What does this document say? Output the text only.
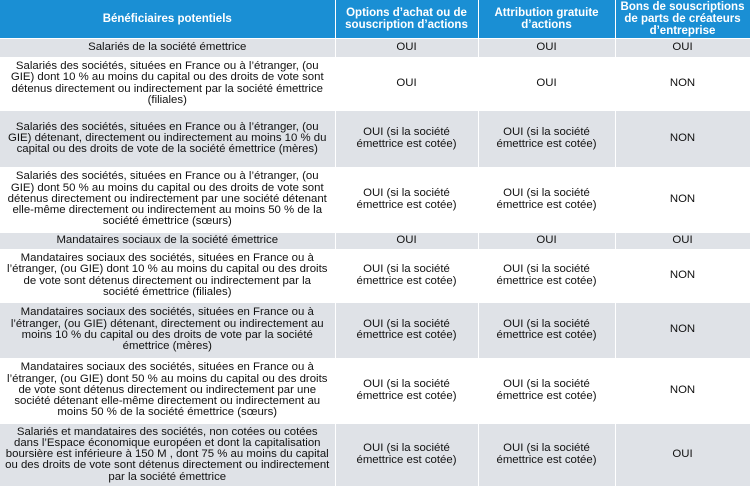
Bénéficiaires potentiels	Options d’achat ou de souscription d’actions	Attribution gratuite d’actions	Bons de souscriptions de parts de créateurs d’entreprise
Salariés de la société émettrice	OUI	OUI	OUI
Salariés des sociétés, situées en France ou à l’étranger, (ou GIE) dont 10 % au moins du capital ou des droits de vote sont détenus directement ou indirectement par la société émettrice (filiales)	OUI	OUI	NON
Salariés des sociétés, situées en France ou à l’étranger, (ou GIE) détenant, directement ou indirectement au moins 10 % du capital ou des droits de vote de la société émettrice (mères)	OUI (si la société émettrice est cotée)	OUI (si la société émettrice est cotée)	NON
Salariés des sociétés, situées en France ou à l’étranger, (ou GIE) dont 50 % au moins du capital ou des droits de vote sont détenus directement ou indirectement par une société détenant elle-même directement ou indirectement au moins 50 % de la société émettrice (sœurs)	OUI (si la société émettrice est cotée)	OUI (si la société émettrice est cotée)	NON
Mandataires sociaux de la société émettrice	OUI	OUI	OUI
Mandataires sociaux des sociétés, situées en France ou à l’étranger, (ou GIE) dont 10 % au moins du capital ou des droits de vote sont détenus directement ou indirectement par la société émettrice (filiales)	OUI (si la société émettrice est cotée)	OUI (si la société émettrice est cotée)	NON
Mandataires sociaux des sociétés, situées en France ou à l’étranger, (ou GIE) détenant, directement ou indirectement au moins 10 % du capital ou des droits de vote par la société émettrice (mères)	OUI (si la société émettrice est cotée)	OUI (si la société émettrice est cotée)	NON
Mandataires sociaux des sociétés, situées en France ou à l’étranger, (ou GIE) dont 50 % au moins du capital ou des droits de vote sont détenus directement ou indirectement par une société détenant elle-même directement ou indirectement au moins 50 % de la société émettrice (sœurs)	OUI (si la société émettrice est cotée)	OUI (si la société émettrice est cotée)	NON
Salariés et mandataires des sociétés, non cotées ou cotées dans l’Espace économique européen et dont la capitalisation boursière est inférieure à 150 M , dont 75 % au moins du capital ou des droits de vote sont détenus directement ou indirectement par la société émettrice	OUI (si la société émettrice est cotée)	OUI (si la société émettrice est cotée)	OUI
